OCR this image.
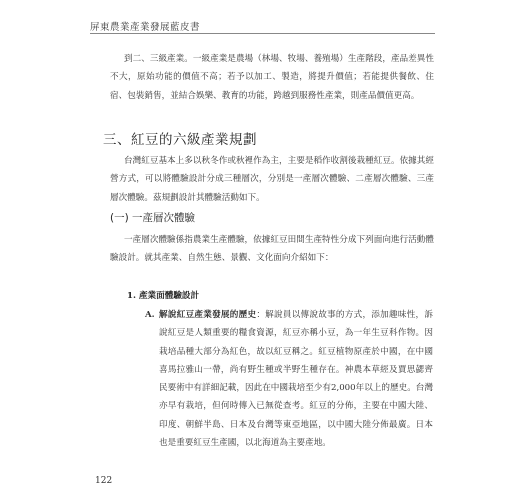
屏東農業產業發展藍皮書
到二、三級產業。一級產業是農場（林場、牧場、養殖場）生產階段，產品差異性不大，原始功能的價值不高；若予以加工、製造，將提升價值；若能提供餐飲、住宿、包裝銷售，並結合娛樂、教育的功能，跨越到服務性產業，則產品價值更高。
三、紅豆的六級產業規劃
台灣紅豆基本上多以秋冬作或秋裡作為主，主要是稻作收割後栽種紅豆。依據其經營方式，可以將體驗設計分成三種層次，分別是一產層次體驗、二產層次體驗、三產層次體驗。茲規劃設計其體驗活動如下。
(一) 一產層次體驗
一產層次體驗係指農業生產體驗，依據紅豆田間生產特性分成下列面向進行活動體驗設計。就其產業、自然生態、景觀、文化面向介紹如下：
1. 產業面體驗設計
A. 解說紅豆產業發展的歷史：解說員以傳說故事的方式，添加趣味性，訴說紅豆是人類重要的糧食資源，紅豆亦稱小豆，為一年生豆科作物。因栽培品種大部分為紅色，故以紅豆稱之。紅豆植物原產於中國，在中國喜馬拉雅山一帶，尚有野生種或半野生種存在。神農本草經及賈思勰齊民要術中有詳細記載，因此在中國栽培至少有2,000年以上的歷史。台灣亦早有栽培，但何時傳入已無從查考。紅豆的分佈，主要在中國大陸、印度、朝鮮半島、日本及台灣等東亞地區，以中國大陸分佈最廣。日本也是重要紅豆生產國，以北海道為主要產地。
122
